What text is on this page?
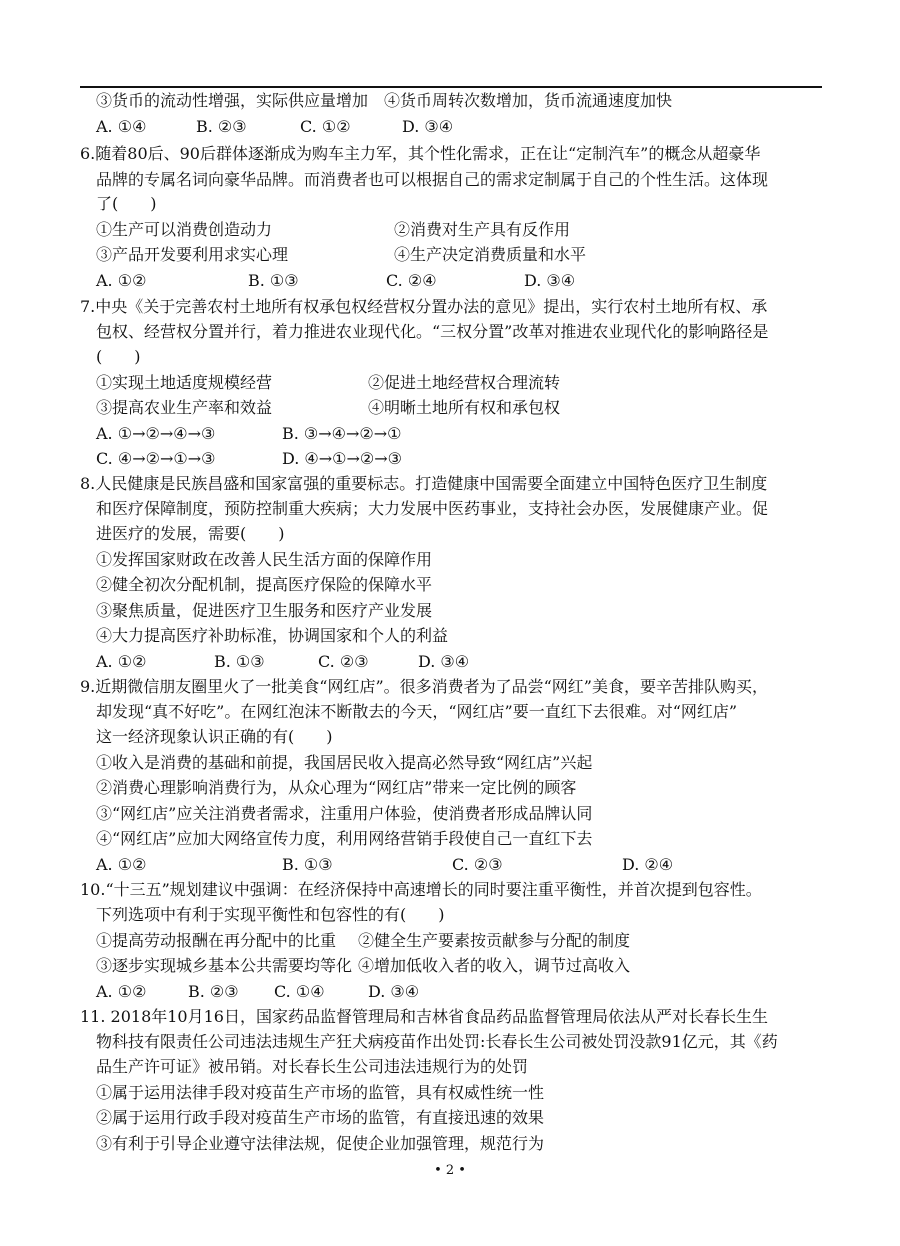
③货币的流动性增强，实际供应量增加　④货币周转次数增加，货币流通速度加快
A. ①④	B. ②③	C. ①②	D. ③④
6.随着80后、90后群体逐渐成为购车主力军，其个性化需求，正在让“定制汽车”的概念从超豪华
品牌的专属名词向豪华品牌。而消费者也可以根据自己的需求定制属于自己的个性生活。这体现
了(　　)
①生产可以消费创造动力	②消费对生产具有反作用
③产品开发要利用求实心理	④生产决定消费质量和水平
A. ①②	B. ①③	C. ②④	D. ③④
7.中央《关于完善农村土地所有权承包权经营权分置办法的意见》提出，实行农村土地所有权、承
包权、经营权分置并行，着力推进农业现代化。“三权分置”改革对推进农业现代化的影响路径是
(　　)
①实现土地适度规模经营	②促进土地经营权合理流转
③提高农业生产率和效益	④明晰土地所有权和承包权
A. ①→②→④→③	B. ③→④→②→①
C. ④→②→①→③	D. ④→①→②→③
8.人民健康是民族昌盛和国家富强的重要标志。打造健康中国需要全面建立中国特色医疗卫生制度
和医疗保障制度，预防控制重大疾病；大力发展中医药事业，支持社会办医，发展健康产业。促
进医疗的发展，需要(　　)
①发挥国家财政在改善人民生活方面的保障作用
②健全初次分配机制，提高医疗保险的保障水平
③聚焦质量，促进医疗卫生服务和医疗产业发展
④大力提高医疗补助标准，协调国家和个人的利益
A. ①②	B. ①③	C. ②③	D. ③④
9.近期微信朋友圈里火了一批美食“网红店”。很多消费者为了品尝“网红”美食，要辛苦排队购买，
却发现“真不好吃”。在网红泡沫不断散去的今天，“网红店”要一直红下去很难。对“网红店”
这一经济现象认识正确的有(　　)
①收入是消费的基础和前提，我国居民收入提高必然导致“网红店”兴起
②消费心理影响消费行为，从众心理为“网红店”带来一定比例的顾客
③“网红店”应关注消费者需求，注重用户体验，使消费者形成品牌认同
④“网红店”应加大网络宣传力度，利用网络营销手段使自己一直红下去
A. ①②	B. ①③	C. ②③	D. ②④
10.“十三五”规划建议中强调：在经济保持中高速增长的同时要注重平衡性，并首次提到包容性。
下列选项中有利于实现平衡性和包容性的有(　　)
①提高劳动报酬在再分配中的比重 ②健全生产要素按贡献参与分配的制度
③逐步实现城乡基本公共需要均等化 ④增加低收入者的收入，调节过高收入
A. ①②	B. ②③ C. ①④	D. ③④
11. 2018年10月16日，国家药品监督管理局和吉林省食品药品监督管理局依法从严对长春长生生
物科技有限责任公司违法违规生产狂犬病疫苗作出处罚:长春长生公司被处罚没款91亿元，其《药
品生产许可证》被吊销。对长春长生公司违法违规行为的处罚
①属于运用法律手段对疫苗生产市场的监管，具有权威性统一性
②属于运用行政手段对疫苗生产市场的监管，有直接迅速的效果
③有利于引导企业遵守法律法规，促使企业加强管理，规范行为
• 2 •
